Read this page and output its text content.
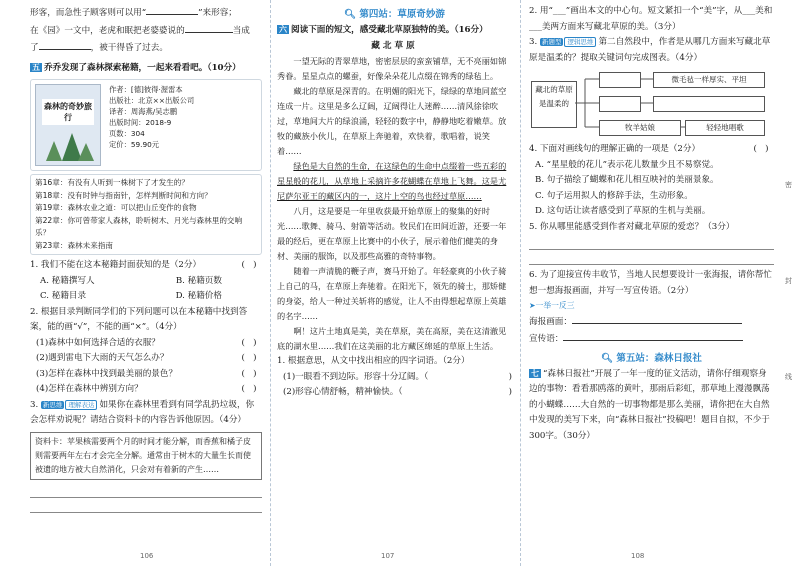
形客，而急性子顾客则可以用“	”来形容；

在《园》一文中，老虎和眠把老婆婆说的	当成

了	，被干得昏了过去。

五 乔乔发现了森林探索秘籍，一起来看看吧。（10分）

森林的奇妙旅行
作者：[德]彼得·渥雷本
出版社：北京××出版公司
译者：周海燕/吴志鹏
出版时间：2018-9
页数：304
定价：59.90元
第16章：有没有人听到一株树下了才发生的？
第18章：没有时钟与指南针，怎样判断时间和方向？
第19章：森林农业之道：可以把山丘变作的食物
第22章：你可曾带家人森林，聆听树木、月光与森林里的交响乐？
第23章：森林未来指南
1. 我们不能在这本秘籍封面获知的是（2分）	(   )
A. 秘籍撰写人	B. 秘籍页数
C. 秘籍目录	D. 秘籍价格

2. 根据目录判断同学们的下列问题可以在本秘籍中找到答案，能的画“√”，不能的画“×”。（4分）

(1)森林中如何选择合适的衣服？	(   )
(2)遇到雷电下大雨的天气怎么办？	(   )
(3)怎样在森林中找到最美丽的景色？	(   )
(4)怎样在森林中辨别方向？	(   )

3. 新思维 理解表达 如果你在森林里看到有同学乱扔垃圾，你会怎样劝说呢？请结合资料卡的内容告诉他原因。（4分）

资料卡：苹果核需要两个月的时间才能分解，而香蕉和橘子皮则需要两年左右才会完全分解。通常由于树木的大量生长而使被遗的地方被大自然消化，只会对有着新的产生……
106
🔍︎ 第四站：草原奇妙游

六 阅读下面的短文，感受藏北草原独特的美。（16分）

藏北草原

一望无际的青翠草地，密密层层的蛮蛮铺草，无不亮丽如锦秀眷。星星点点的螺蚕，好像朵朵花儿点缀在锦秀的绿毡上。

藏北的草原是深青的。在明媚的阳光下，绿绿的草地同蓝空连成一片。这里是多么辽阔，辽阔得让人迷醉……清风徐徐吹过，草地间大片的绿浪涌，轻轻的数字中，静静地吃着嫩草。放牧的藏族小伙儿，在草原上奔驰着，欢快着，歌唱着，说笑着……

绿色是大自然的生命，在这绿色的生命中点缀着一些五彩的星星般的花儿，从草地上采摘许多花蝴蝶在草地上飞舞。这是尤尼萨尔亚王的藏区内的一，这片上空的鸟也经过草原……

八月，这是要是一年里收获最开始草原上的聚集的好时光……歌舞、骑马、射箭等活动。牧民们在田间近游，还要一年最的经后，更在草原上比赛中的小伙子，展示着他们健美的身材、美丽的服饰，以及那些高雅的奇特事物。

随着一声清脆的鞭子声，赛马开始了。年轻豪爽的小伙子骑上自己的马，在草原上奔驰着。在阳光下，领先的骑士，那矫健的身姿，给人一种过关斩将的感觉，让人不由得想起草原上英雄的名字……

啊！这片土地真是美，美在草原，美在高原，美在这清澈见底的湖水里……我们在这美丽的北方藏区绵延的草原上生活。

1. 根据意思，从文中找出相应的四字词语。（2分）

(1)一眼看不到边际。形容十分辽阔。（	)
(2)形容心情舒畅，精神愉快。（	)
107

2. 用“___”画出本文的中心句。短文紧扣一个“美”字，从___美和___美两方面来写藏北草原的美。（3分）

3. 新题型 逻辑思维 第二自然段中，作者是从哪几方面来写藏北草原是温柔的？提取关键词句完成图表。（4分）

藏北的草原是温柔的
微毛毡一样厚实、平坦
牧羊姑娘	轻轻地唱歌
4. 下面对画线句的理解正确的一项是（2分）	(   )

A. “星星般的花儿”表示花儿数量少且不易察觉。

B. 句子描绘了蝴蝶和花儿相互映衬的美丽景象。

C. 句子运用拟人的修辞手法，生动形象。

D. 这句话让读者感受到了草原的生机与美丽。

5. 你从哪里能感受到作者对藏北草原的爱恋？（3分）

6. 为了迎接宣传丰收节，当地人民想要设计一张海报，请你帮忙想一想海报画面，并写一写宣传语。（2分）

➤一举一反三

海报画面：

宣传语：

🔍︎ 第五站：森林日报社

七 “森林日报社”开展了一年一度的征文活动，请你仔细观察身边的事物：看看那鸥落的黄叶，那雨后彩虹，那草地上漫漫飘荡的小蝴蝶……大自然的一切事物都是那么美丽，请你把在大自然中发现的美写下来，向“森林日报社”投稿吧！题目自拟，不少于300字。（30分）

108
密
封
线
